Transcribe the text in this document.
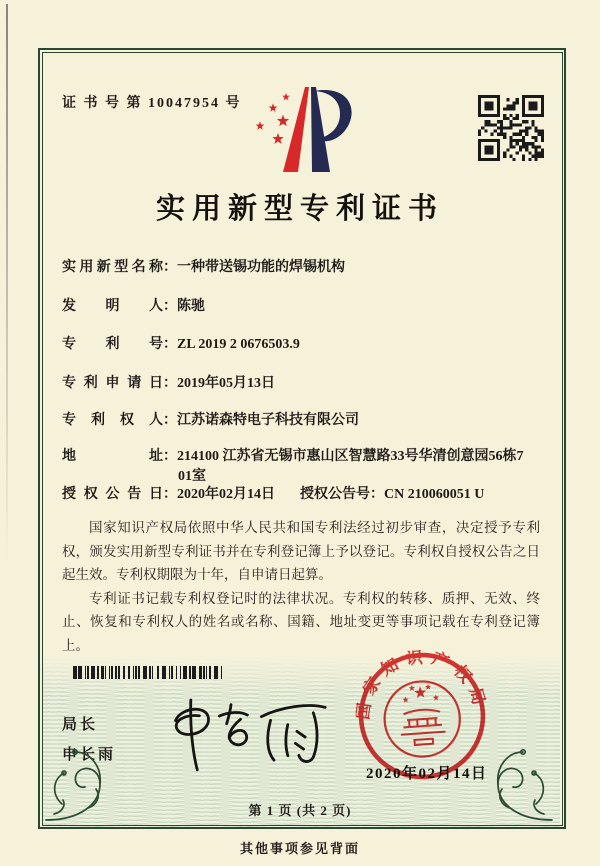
证 书 号 第 10047954 号
实用新型专利证书
实用新型名称：一种带送锡功能的焊锡机构
发　明　人：陈驰
专　利　号：ZL 2019 2 0676503.9
专利申请日：2019年05月13日
专 利 权 人：江苏诺森特电子科技有限公司
地　　　址：214100 江苏省无锡市惠山区智慧路33号华清创意园56栋7
01室
授权公告日：2020年02月14日 授权公告号：CN 210060051 U

国家知识产权局依照中华人民共和国专利法经过初步审查，决定授予专利权，颁发实用新型专利证书并在专利登记簿上予以登记。专利权自授权公告之日起生效。专利权期限为十年，自申请日起算。

专利证书记载专利权登记时的法律状况。专利权的转移、质押、无效、终止、恢复和专利权人的姓名或名称、国籍、地址变更等事项记载在专利登记簿上。

局长
申长雨
国家知识产权局
2020年02月14日
第 1 页 (共 2 页)
其他事项参见背面
